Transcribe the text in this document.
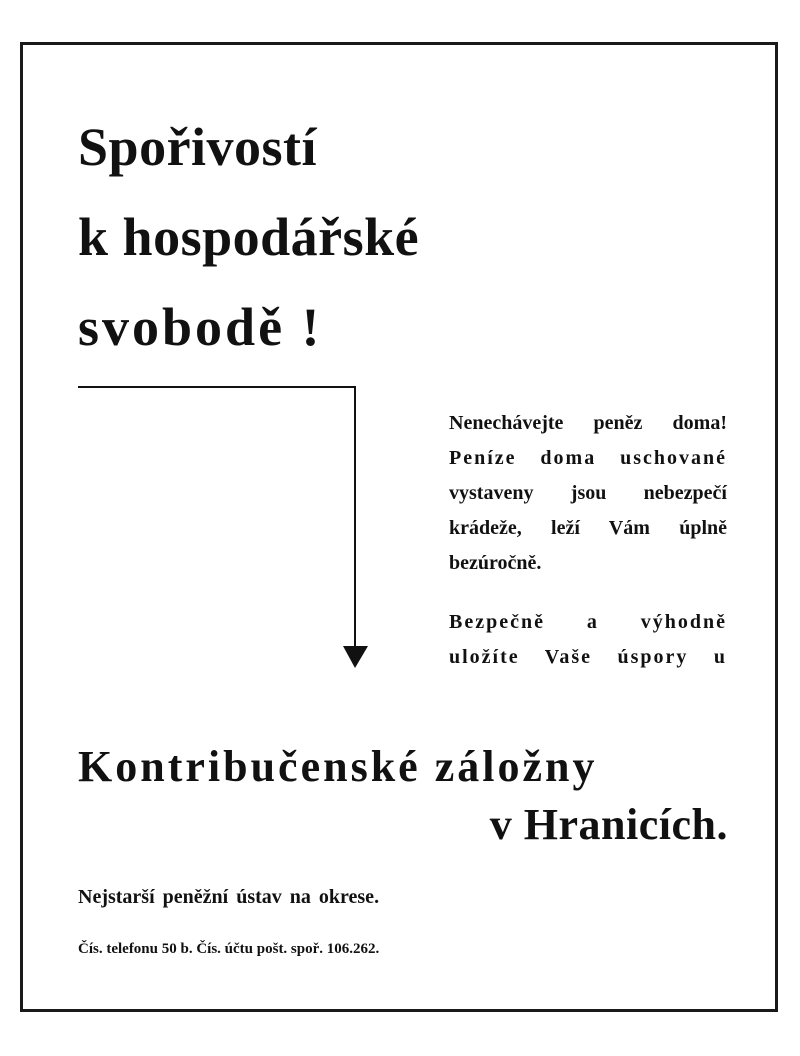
Spořivostí
k hospodářské
svobodě !

Nenechávejte peněz doma!
Peníze doma uschované
vystaveny jsou nebezpečí
krádeže, leží Vám úplně
bezúročně.

Bezpečně a výhodně
uložíte Vaše úspory u

Kontribučenské záložny
v Hranicích.
Nejstarší peněžní ústav na okrese.
Čís. telefonu 50 b. Čís. účtu pošt. spoř. 106.262.
